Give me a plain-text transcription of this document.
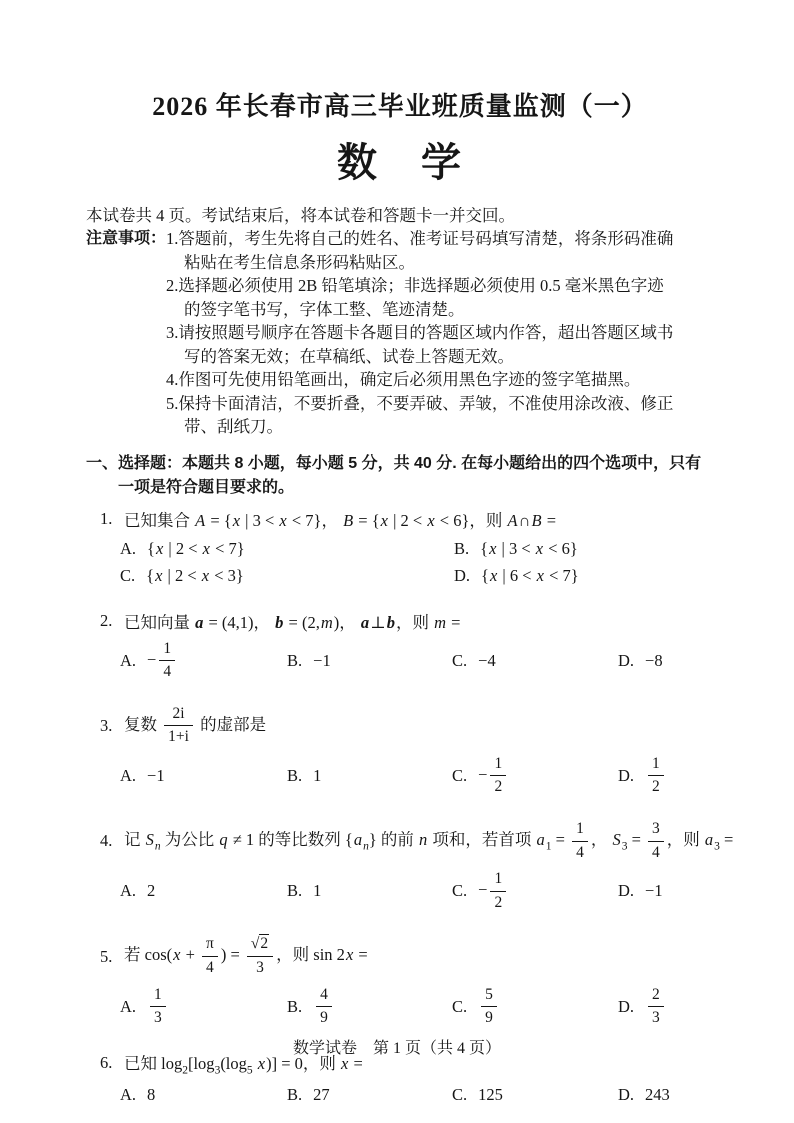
2026 年长春市高三毕业班质量监测（一）
数　学

本试卷共 4 页。考试结束后，将本试卷和答题卡一并交回。

注意事项： 1.答题前，考生先将自己的姓名、准考证号码填写清楚，将条形码准确
粘贴在考生信息条形码粘贴区。
2.选择题必须使用 2B 铅笔填涂；非选择题必须使用 0.5 毫米黑色字迹
的签字笔书写，字体工整、笔迹清楚。
3.请按照题号顺序在答题卡各题目的答题区域内作答，超出答题区域书
写的答案无效；在草稿纸、试卷上答题无效。
4.作图可先使用铅笔画出，确定后必须用黑色字迹的签字笔描黑。
5.保持卡面清洁，不要折叠，不要弄破、弄皱，不准使用涂改液、修正
带、刮纸刀。
一、选择题：本题共 8 小题，每小题 5 分，共 40 分. 在每小题给出的四个选项中，只有
一项是符合题目要求的。
1. 已知集合 A = {x | 3 < x < 7}， B = {x | 2 < x < 6}，则 A∩B =
A. {x | 2 < x < 7}	B. {x | 3 < x < 6}
C. {x | 2 < x < 3}	D. {x | 6 < x < 7}
2. 已知向量 a = (4,1)， b = (2,m)， a⊥b，则 m =
A. − $\frac{1}{4}$	B. −1	C. −4	D. −8
3. 复数 $\frac{2i}{1+i}$ 的虚部是
A. −1	B. 1	C. − $\frac{1}{2}$	D. $\frac{1}{2}$
4. 记 $S_n$ 为公比 q ≠ 1 的等比数列 $\{a_n\}$ 的前 n 项和，若首项 $a_1 = \frac{1}{4}$ ， $S_3 = \frac{3}{4}$ ，则 $a_3$ =
A. 2	B. 1	C. − $\frac{1}{2}$	D. −1
5. 若 $\cos(x + \frac{\pi}{4}$ ) = $\frac{√2}{3}$ ，则 sin 2x =
A. $\frac{1}{3}$	B. $\frac{4}{9}$	C. $\frac{5}{9}$	D. $\frac{2}{3}$
6. 已知 $\log_2[\log_3(\log_5$ x)] = 0，则 x =
A. 8	B. 27	C. 125	D. 243
数学试卷　第 1 页（共 4 页）
